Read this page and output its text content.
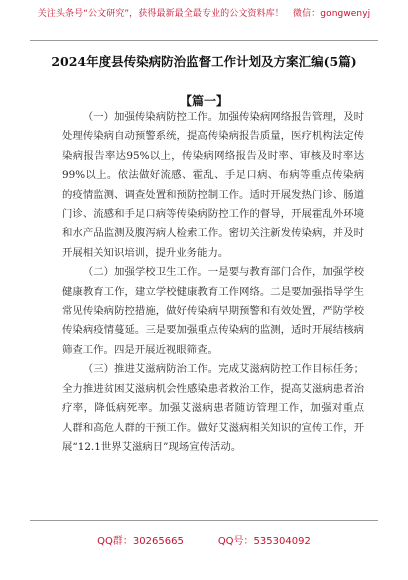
关注头条号“公文研究”，获得最新最全最专业的公文资料库！　微信：gongwenyj
2024年度县传染病防治监督工作计划及方案汇编(5篇)
【篇一】

（一）加强传染病防控工作。加强传染病网络报告管理，及时处理传染病自动预警系统，提高传染病报告质量，医疗机构法定传染病报告率达95%以上，传染病网络报告及时率、审核及时率达99%以上。依法做好流感、霍乱、手足口病、布病等重点传染病的疫情监测、调查处置和预防控制工作。适时开展发热门诊、肠道门诊、流感和手足口病等传染病防控工作的督导，开展霍乱外环境和水产品监测及腹泻病人检索工作。密切关注新发传染病，并及时开展相关知识培训，提升业务能力。

（二）加强学校卫生工作。一是要与教育部门合作，加强学校健康教育工作，建立学校健康教育工作网络。二是要加强指导学生常见传染病防控措施，做好传染病早期预警和有效处置，严防学校传染病疫情蔓延。三是要加强重点传染病的监测，适时开展结核病筛查工作。四是开展近视眼筛查。

（三）推进艾滋病防治工作。完成艾滋病防控工作目标任务；全力推进贫困艾滋病机会性感染患者救治工作，提高艾滋病患者治疗率，降低病死率。加强艾滋病患者随访管理工作，加强对重点　人群和高危人群的干预工作。做好艾滋病相关知识的宣传工作，开展“12.1世界艾滋病日”现场宣传活动。

QQ群：30265665	QQ号：535304092
